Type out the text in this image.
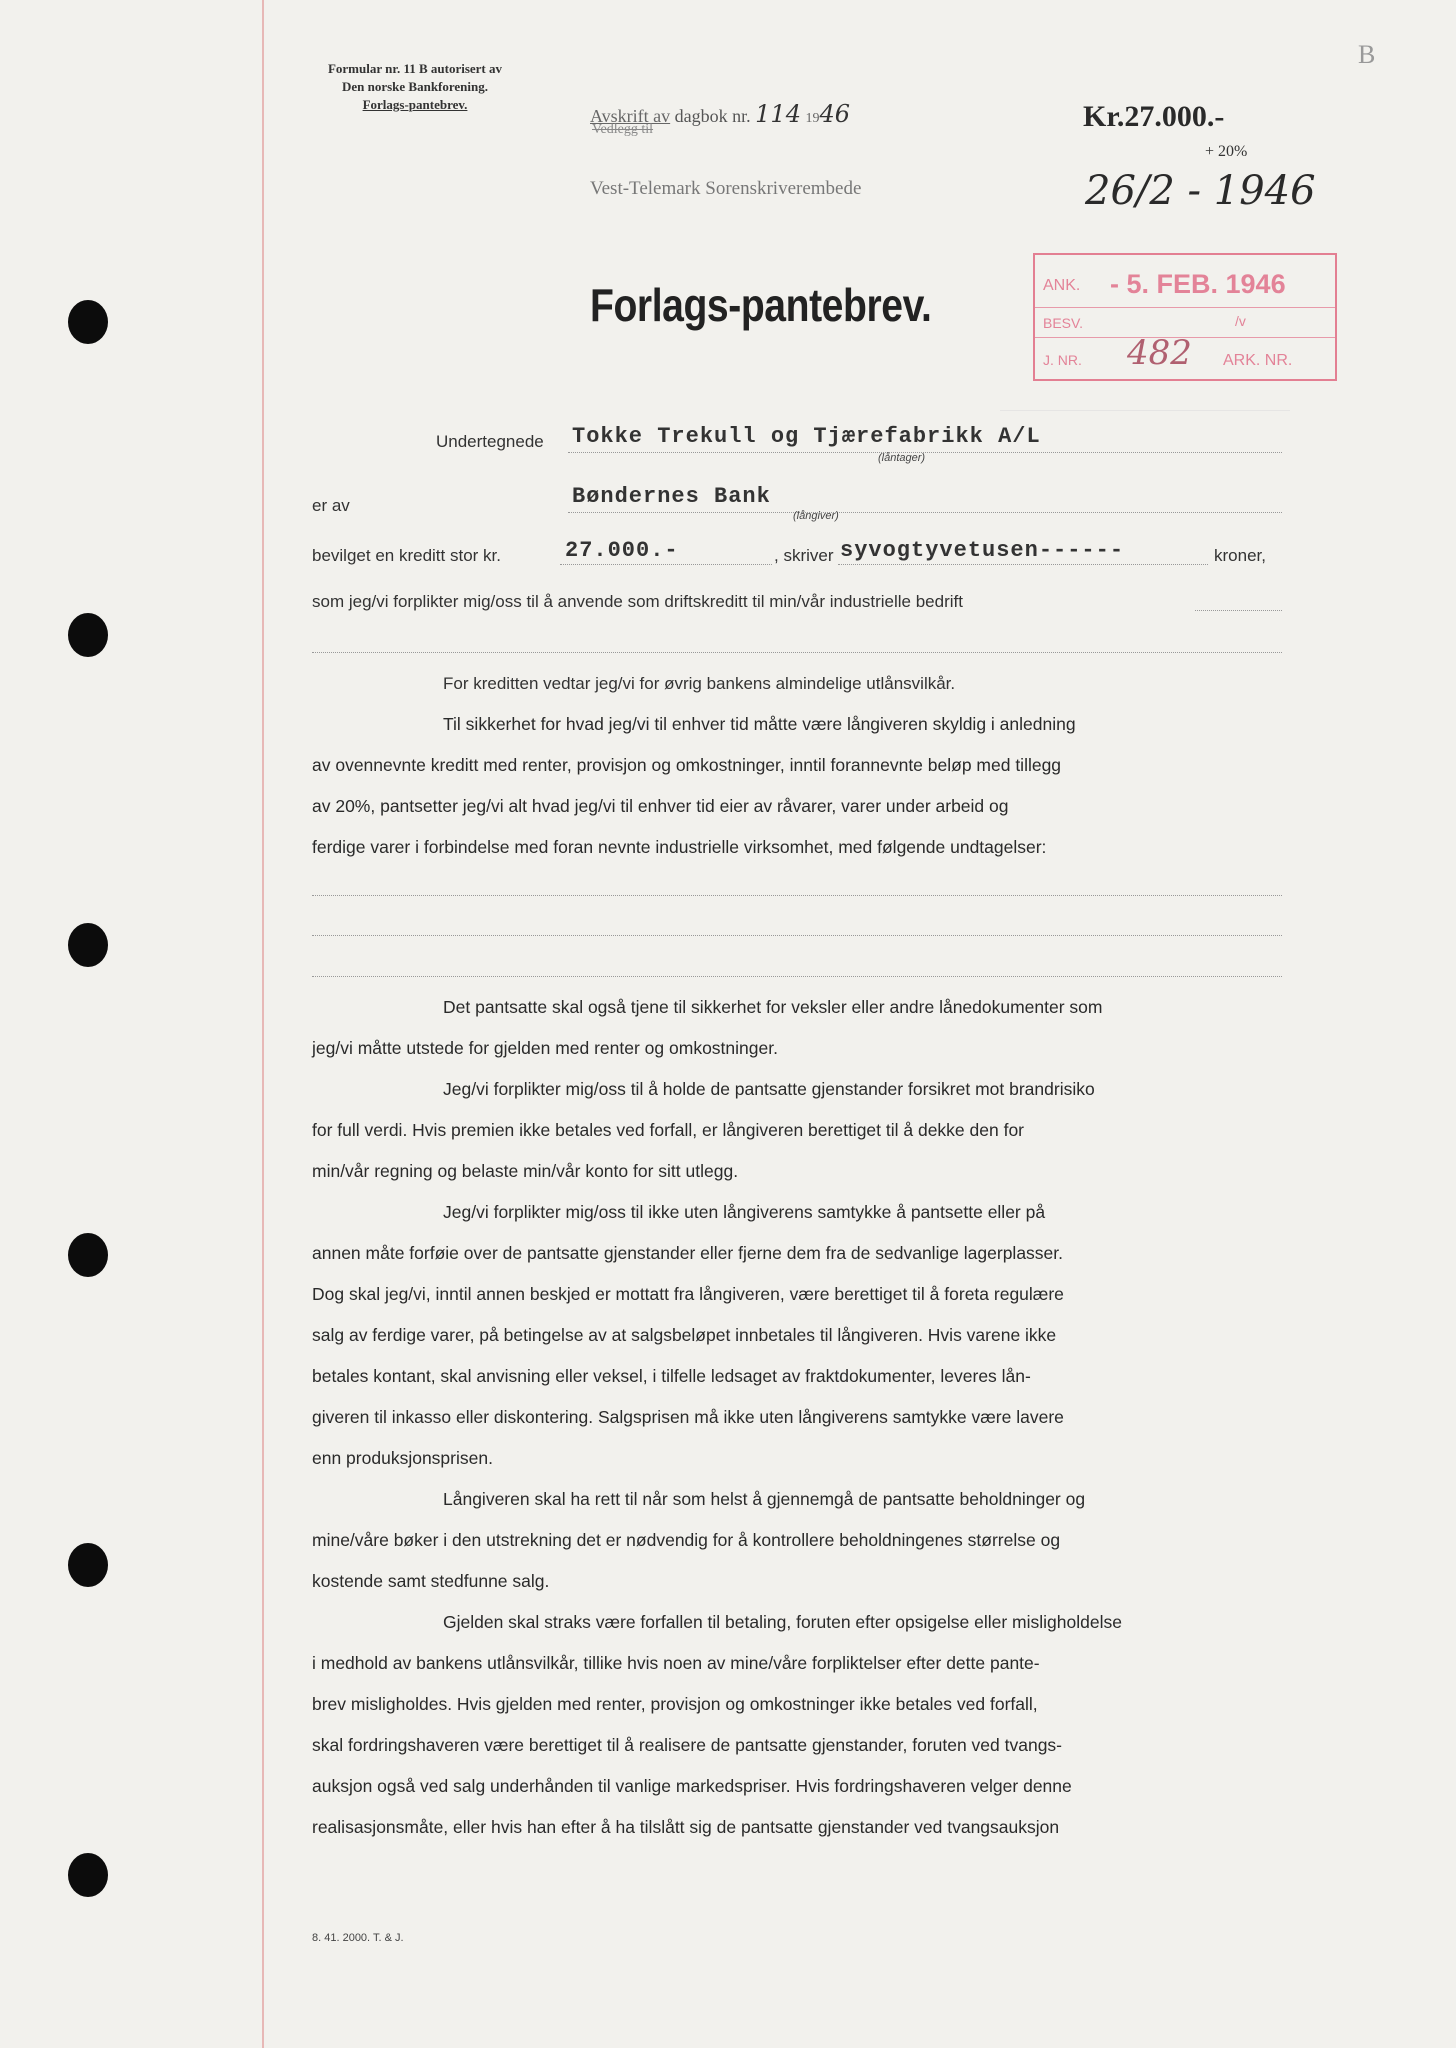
Formular nr. 11 B autorisert av
Den norske Bankforening.
Forlags-pantebrev.
Avskrift av dagbok nr. 114 1946
Vedlegg til
Vest-Telemark Sorenskriverembede
Kr.27.000.-
+ 20%
26/2 - 1946
B
ANK. - 5. FEB. 1946
BESV.	/v
J. NR. 482 ARK. NR.
Forlags-pantebrev.
Undertegnede Tokke Trekull og Tjærefabrikk A/L
(låntager)
er av	Bøndernes Bank
(långiver)
bevilget en kreditt stor kr.	27.000.-	, skriver syvogtyvetusen------	kroner,
som jeg/vi forplikter mig/oss til å anvende som driftskreditt til min/vår industrielle bedrift
For kreditten vedtar jeg/vi for øvrig bankens almindelige utlånsvilkår.

Til sikkerhet for hvad jeg/vi til enhver tid måtte være långiveren skyldig i anledning

av ovennevnte kreditt med renter, provisjon og omkostninger, inntil forannevnte beløp med tillegg

av 20%, pantsetter jeg/vi alt hvad jeg/vi til enhver tid eier av råvarer, varer under arbeid og

ferdige varer i forbindelse med foran nevnte industrielle virksomhet, med følgende undtagelser:

Det pantsatte skal også tjene til sikkerhet for veksler eller andre lånedokumenter som

jeg/vi måtte utstede for gjelden med renter og omkostninger.

Jeg/vi forplikter mig/oss til å holde de pantsatte gjenstander forsikret mot brandrisiko

for full verdi. Hvis premien ikke betales ved forfall, er långiveren berettiget til å dekke den for

min/vår regning og belaste min/vår konto for sitt utlegg.

Jeg/vi forplikter mig/oss til ikke uten långiverens samtykke å pantsette eller på

annen måte forføie over de pantsatte gjenstander eller fjerne dem fra de sedvanlige lagerplasser.

Dog skal jeg/vi, inntil annen beskjed er mottatt fra långiveren, være berettiget til å foreta regulære

salg av ferdige varer, på betingelse av at salgsbeløpet innbetales til långiveren. Hvis varene ikke

betales kontant, skal anvisning eller veksel, i tilfelle ledsaget av fraktdokumenter, leveres lån-

giveren til inkasso eller diskontering. Salgsprisen må ikke uten långiverens samtykke være lavere

enn produksjonsprisen.

Långiveren skal ha rett til når som helst å gjennemgå de pantsatte beholdninger og

mine/våre bøker i den utstrekning det er nødvendig for å kontrollere beholdningenes størrelse og

kostende samt stedfunne salg.

Gjelden skal straks være forfallen til betaling, foruten efter opsigelse eller misligholdelse

i medhold av bankens utlånsvilkår, tillike hvis noen av mine/våre forpliktelser efter dette pante-

brev misligholdes. Hvis gjelden med renter, provisjon og omkostninger ikke betales ved forfall,

skal fordringshaveren være berettiget til å realisere de pantsatte gjenstander, foruten ved tvangs-

auksjon også ved salg underhånden til vanlige markedspriser. Hvis fordringshaveren velger denne

realisasjonsmåte, eller hvis han efter å ha tilslått sig de pantsatte gjenstander ved tvangsauksjon

8. 41. 2000. T. & J.
